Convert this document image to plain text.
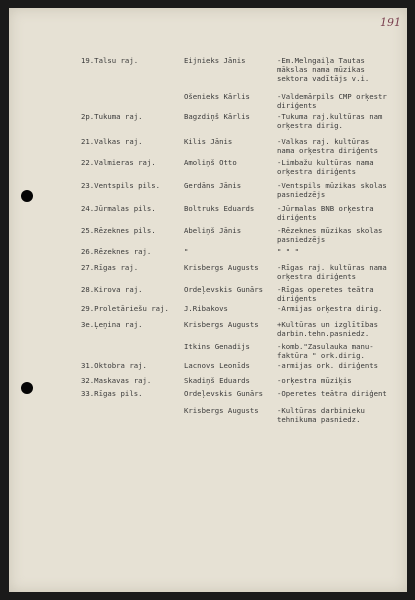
191
19.Talsu raj.	Eijnieks Jānis	-Em.Melngaiļa Tautas
mākslas nama mūzikas
sektora vadītājs v.i.
Ošenieks Kārlis	-Valdemārpils CMP orķestr
diriģents
2р.Tukuma raj.	Bagzdiņš Kārlis	-Tukuma raj.kultūras nam
orķestra dirig.
21.Valkas raj.	Kilis Jānis	-Valkas raj. kultūras
nama orķestra diriģents
22.Valmieras raj.	Amoliņš Otto	-Limbažu kultūras nama
orķestra diriģents
23.Ventspils pils.	Gerdāns Jānis	-Ventspils mūzikas skolas
pasniedzējs
24.Jūrmalas pils.	Boltruks Eduards	-Jūrmalas BNB orķestra
diriģents
25.Rēzeknes pils.	Abeliņš Jānis	-Rēzeknes mūzikas skolas
pasniedzējs
26.Rēzeknes raj.	"	" " "
27.Rīgas raj.	Krisbergs Augusts	-Rīgas raj. kultūras nama
orķestra diriģents
28.Kirova raj.	Ordeļevskis Gunārs -Rīgas operetes teātra
diriģents
29.Proletāriešu raj. J.Ribakovs	-Armijas orķestra dirig.
3е.Ļeņina raj.	Krisbergs Augusts	+Kultūras un izglītības
darbin.tehn.pasniedz.
Itkins Genadijs	-komb."Zasulauka manu-
faktūra " ork.dirig.
31.Oktobra raj.	Lacnovs Leonīds	-armijas ork. diriģents
32.Maskavas raj.	Skadiņš Eduards	-orķestra mūziķis
33.Rīgas pils.	Ordeļevskis Gunārs -Operetes teātra diriģent
Krisbergs Augusts	-Kultūras darbinieku
tehnikuma pasniedz.
